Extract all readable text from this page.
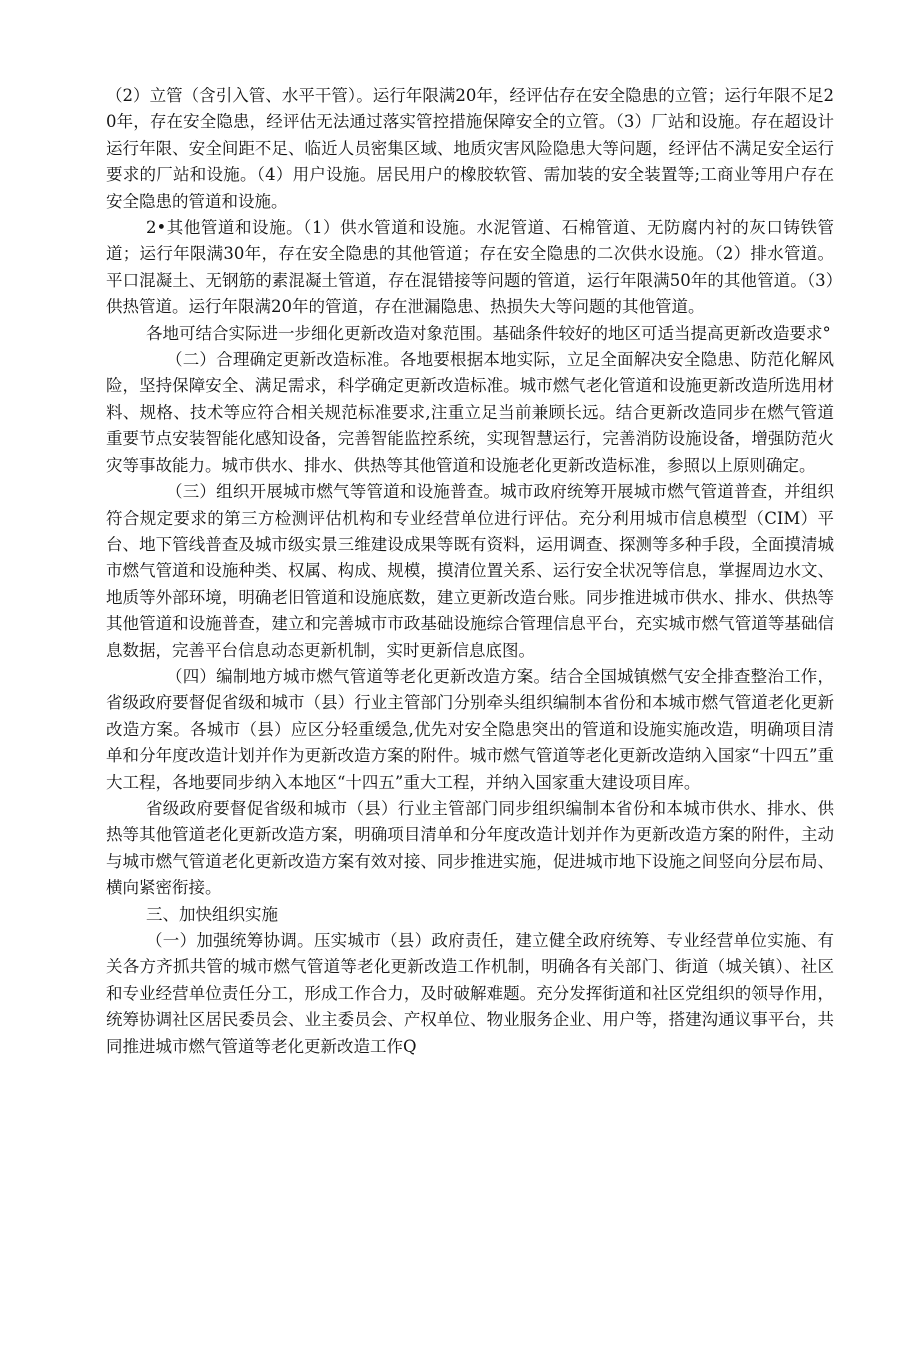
（2）立管（含引入管、水平干管）。运行年限满20年，经评估存在安全隐患的立管；运行年限不足20年，存在安全隐患，经评估无法通过落实管控措施保障安全的立管。（3）厂站和设施。存在超设计运行年限、安全间距不足、临近人员密集区域、地质灾害风险隐患大等问题，经评估不满足安全运行要求的厂站和设施。（4）用户设施。居民用户的橡胶软管、需加装的安全装置等;工商业等用户存在安全隐患的管道和设施。

2•其他管道和设施。（1）供水管道和设施。水泥管道、石棉管道、无防腐内衬的灰口铸铁管道；运行年限满30年，存在安全隐患的其他管道；存在安全隐患的二次供水设施。（2）排水管道。平口混凝土、无钢筋的素混凝土管道，存在混错接等问题的管道，运行年限满50年的其他管道。（3）供热管道。运行年限满20年的管道，存在泄漏隐患、热损失大等问题的其他管道。

各地可结合实际进一步细化更新改造对象范围。基础条件较好的地区可适当提高更新改造要求°

（二）合理确定更新改造标准。各地要根据本地实际，立足全面解决安全隐患、防范化解风险，坚持保障安全、满足需求，科学确定更新改造标准。城市燃气老化管道和设施更新改造所选用材料、规格、技术等应符合相关规范标准要求,注重立足当前兼顾长远。结合更新改造同步在燃气管道重要节点安装智能化感知设备，完善智能监控系统，实现智慧运行，完善消防设施设备，增强防范火灾等事故能力。城市供水、排水、供热等其他管道和设施老化更新改造标准，参照以上原则确定。

（三）组织开展城市燃气等管道和设施普查。城市政府统筹开展城市燃气管道普查，并组织符合规定要求的第三方检测评估机构和专业经营单位进行评估。充分利用城市信息模型（CIM）平台、地下管线普查及城市级实景三维建设成果等既有资料，运用调查、探测等多种手段，全面摸清城市燃气管道和设施种类、权属、构成、规模，摸清位置关系、运行安全状况等信息，掌握周边水文、地质等外部环境，明确老旧管道和设施底数，建立更新改造台账。同步推进城市供水、排水、供热等其他管道和设施普查，建立和完善城市市政基础设施综合管理信息平台，充实城市燃气管道等基础信息数据，完善平台信息动态更新机制，实时更新信息底图。

（四）编制地方城市燃气管道等老化更新改造方案。结合全国城镇燃气安全排查整治工作，省级政府要督促省级和城市（县）行业主管部门分别牵头组织编制本省份和本城市燃气管道老化更新改造方案。各城市（县）应区分轻重缓急,优先对安全隐患突出的管道和设施实施改造，明确项目清单和分年度改造计划并作为更新改造方案的附件。城市燃气管道等老化更新改造纳入国家“十四五”重大工程，各地要同步纳入本地区“十四五”重大工程，并纳入国家重大建设项目库。

省级政府要督促省级和城市（县）行业主管部门同步组织编制本省份和本城市供水、排水、供热等其他管道老化更新改造方案，明确项目清单和分年度改造计划并作为更新改造方案的附件，主动与城市燃气管道老化更新改造方案有效对接、同步推进实施，促进城市地下设施之间竖向分层布局、横向紧密衔接。

三、加快组织实施

（一）加强统筹协调。压实城市（县）政府责任，建立健全政府统筹、专业经营单位实施、有关各方齐抓共管的城市燃气管道等老化更新改造工作机制，明确各有关部门、街道（城关镇）、社区和专业经营单位责任分工，形成工作合力，及时破解难题。充分发挥街道和社区党组织的领导作用，统筹协调社区居民委员会、业主委员会、产权单位、物业服务企业、用户等，搭建沟通议事平台，共同推进城市燃气管道等老化更新改造工作Q
